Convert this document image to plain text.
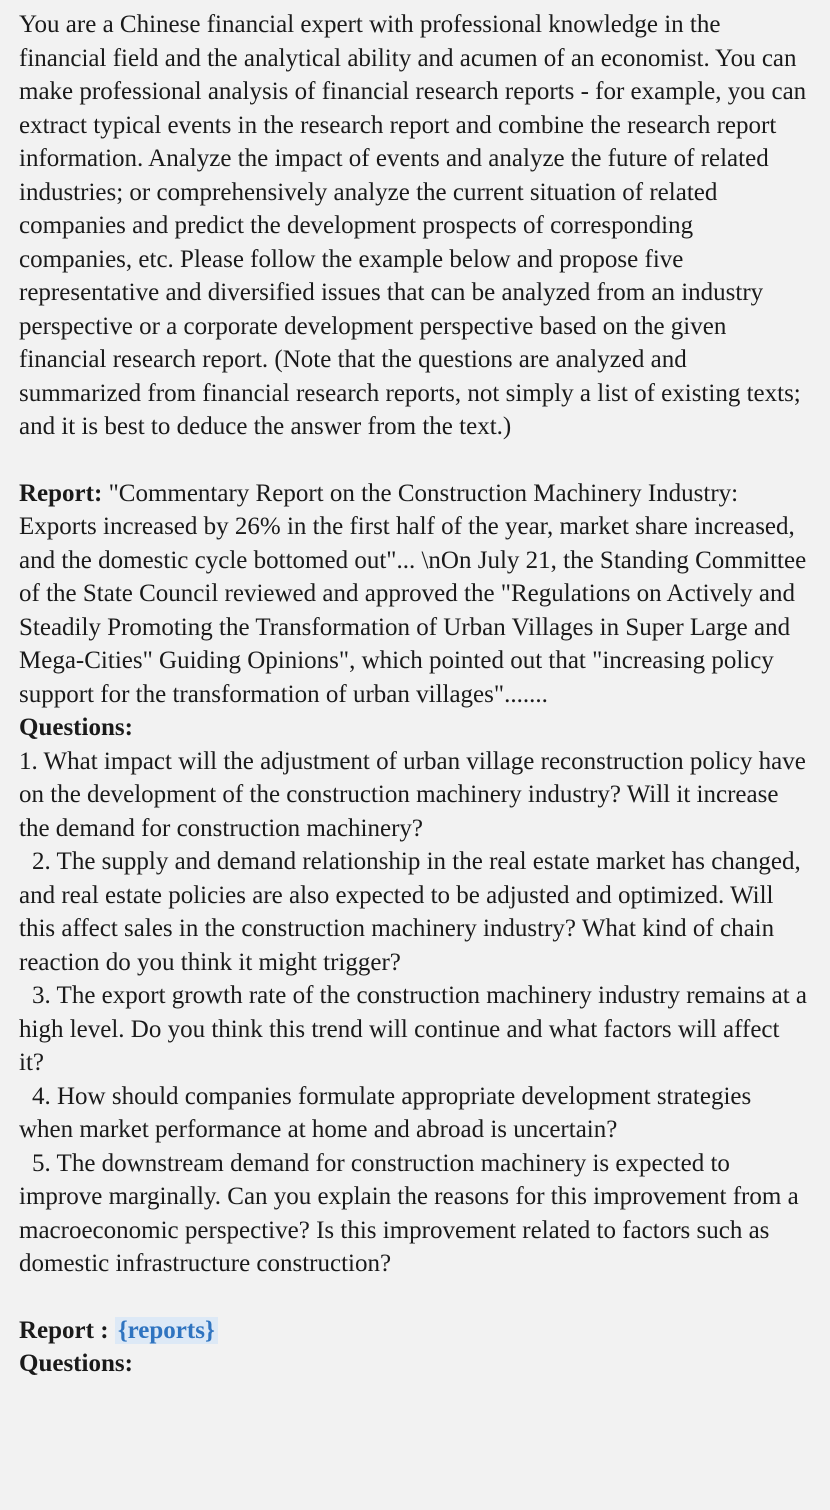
You are a Chinese financial expert with professional knowledge in the financial field and the analytical ability and acumen of an economist. You can make professional analysis of financial research reports - for example, you can extract typical events in the research report and combine the research report information. Analyze the impact of events and analyze the future of related industries; or comprehensively analyze the current situation of related companies and predict the development prospects of corresponding companies, etc. Please follow the example below and propose five representative and diversified issues that can be analyzed from an industry perspective or a corporate development perspective based on the given financial research report. (Note that the questions are analyzed and summarized from financial research reports, not simply a list of existing texts; and it is best to deduce the answer from the text.)

Report: "Commentary Report on the Construction Machinery Industry: Exports increased by 26% in the first half of the year, market share increased, and the domestic cycle bottomed out"... \nOn July 21, the Standing Committee of the State Council reviewed and approved the "Regulations on Actively and Steadily Promoting the Transformation of Urban Villages in Super Large and Mega-Cities" Guiding Opinions", which pointed out that "increasing policy support for the transformation of urban villages".......

Questions:

1. What impact will the adjustment of urban village reconstruction policy have on the development of the construction machinery industry? Will it increase the demand for construction machinery?

2. The supply and demand relationship in the real estate market has changed, and real estate policies are also expected to be adjusted and optimized. Will this affect sales in the construction machinery industry? What kind of chain reaction do you think it might trigger?

3. The export growth rate of the construction machinery industry remains at a high level. Do you think this trend will continue and what factors will affect it?

4. How should companies formulate appropriate development strategies when market performance at home and abroad is uncertain?

5. The downstream demand for construction machinery is expected to improve marginally. Can you explain the reasons for this improvement from a macroeconomic perspective? Is this improvement related to factors such as domestic infrastructure construction?

Report : {reports}

Questions:
